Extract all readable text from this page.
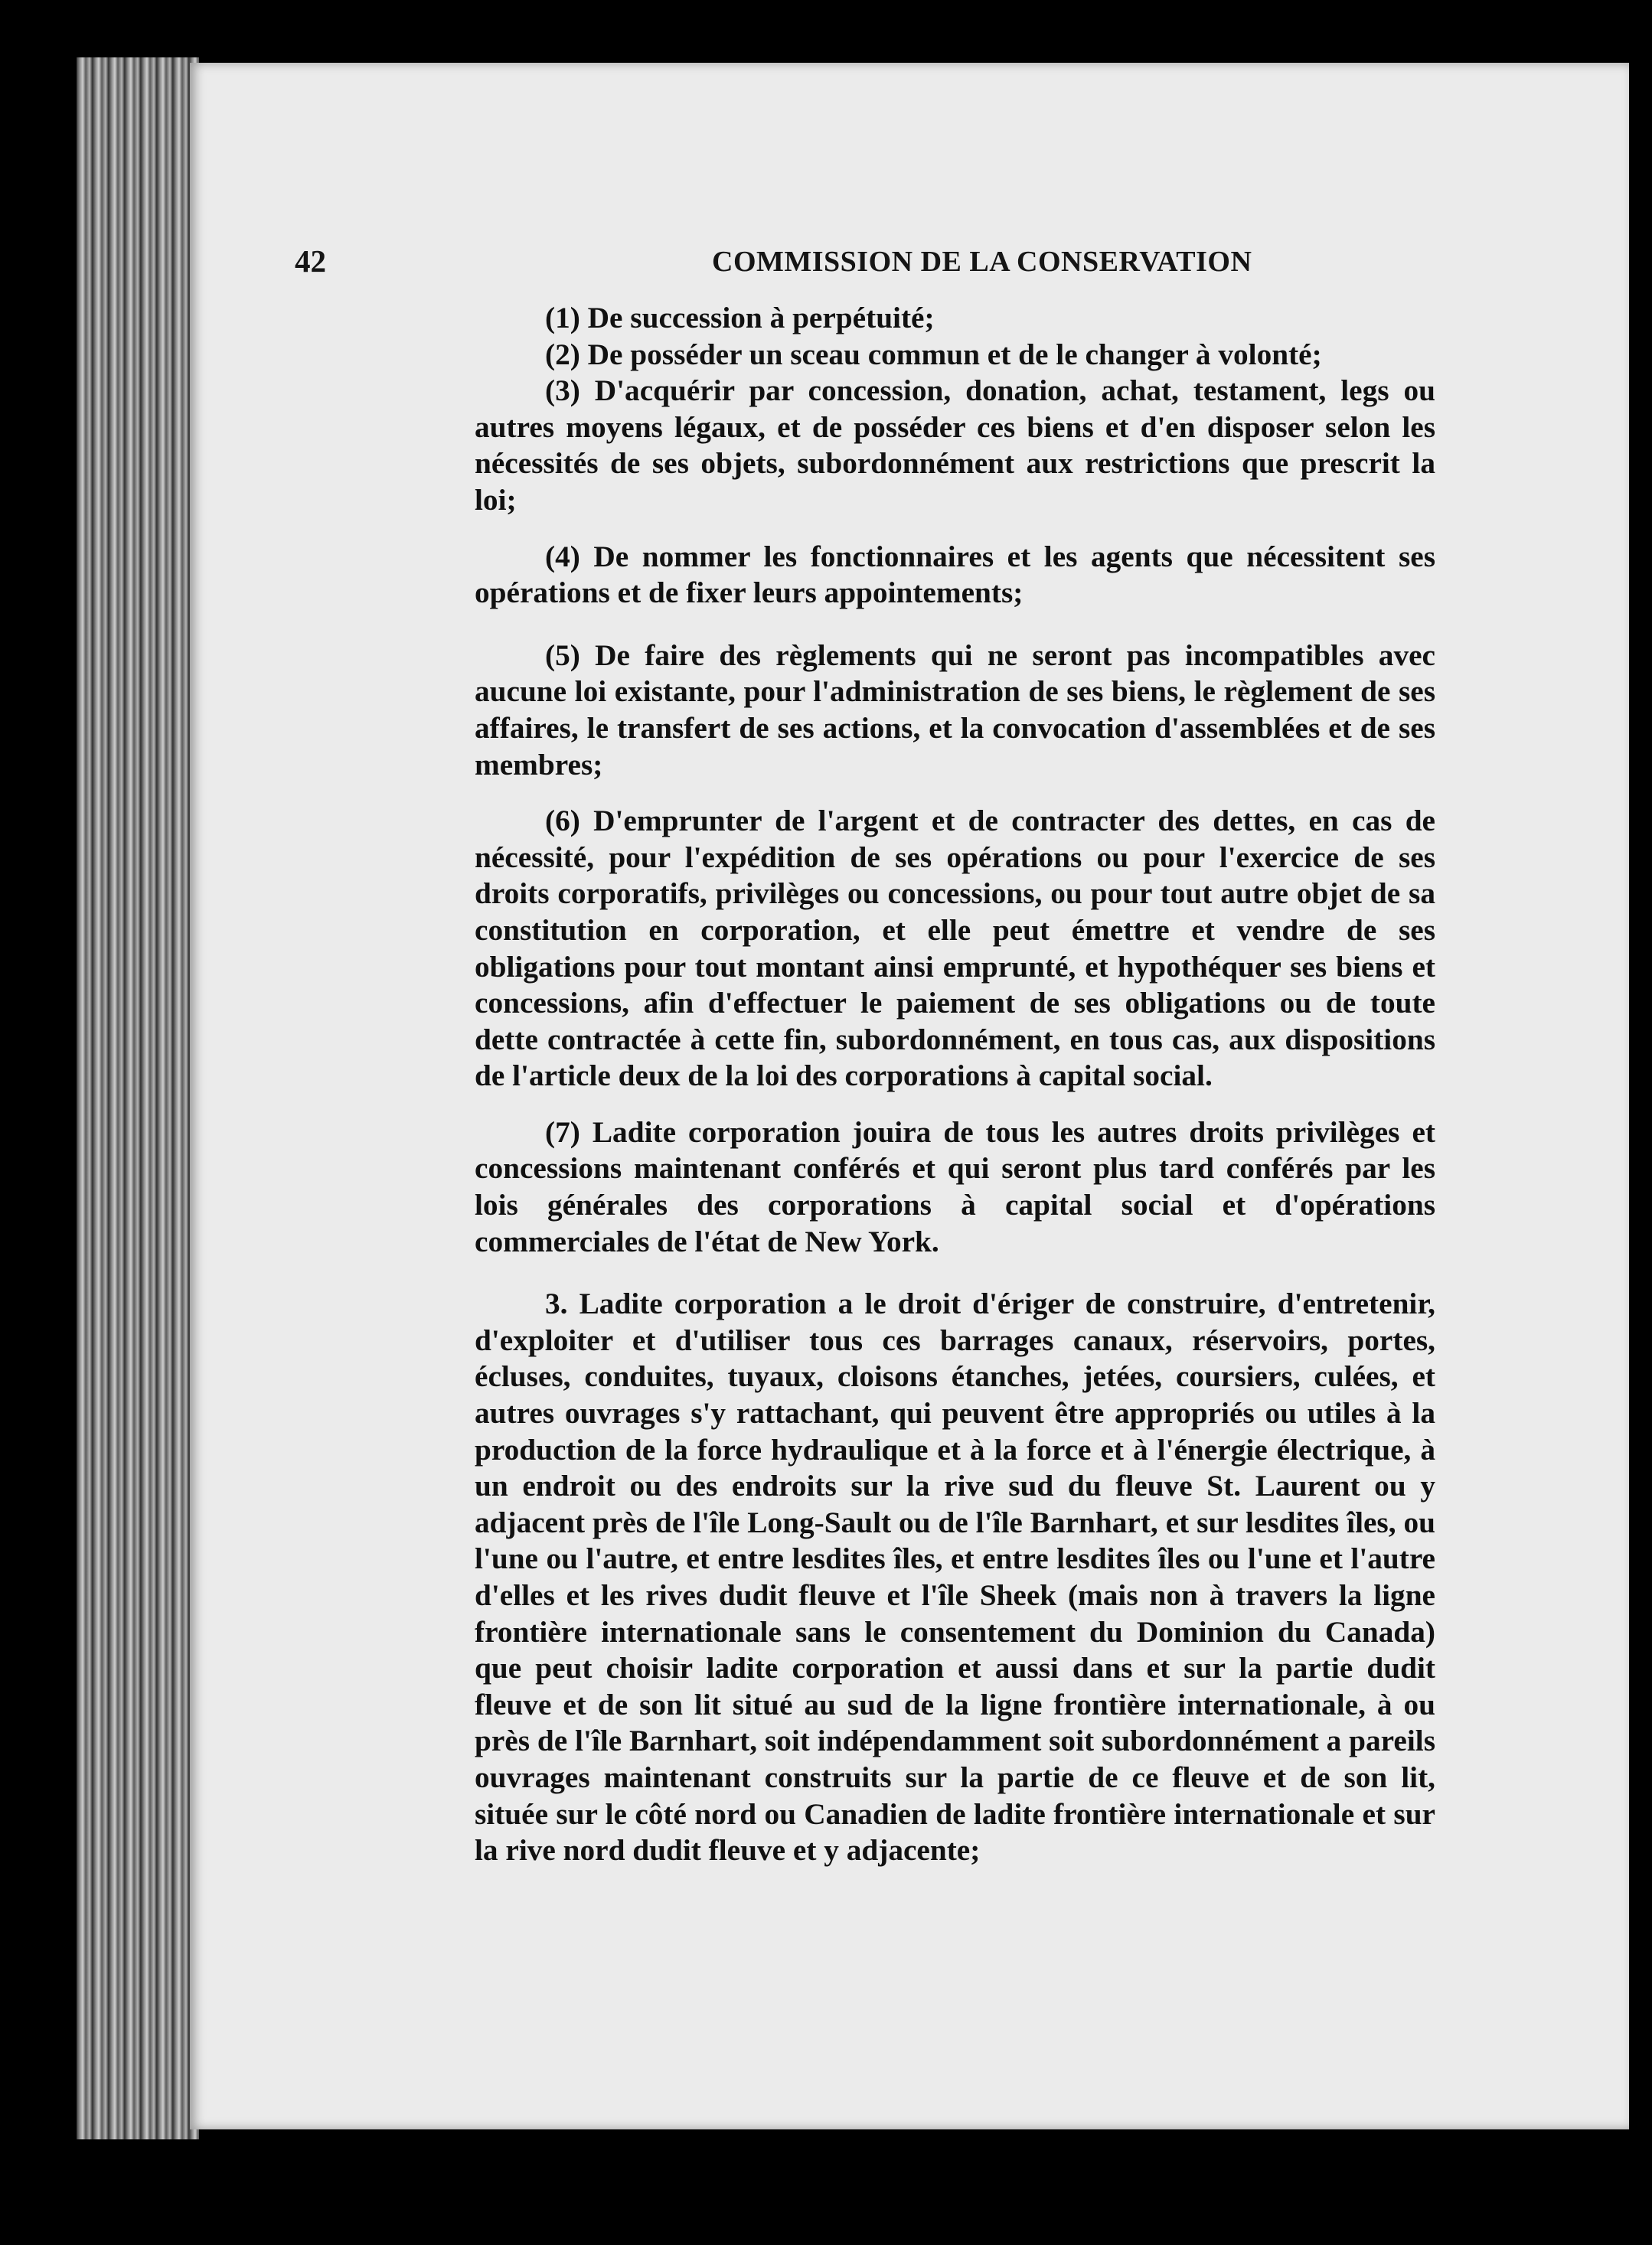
42	COMMISSION DE LA CONSERVATION

(1) De succession à perpétuité;

(2) De posséder un sceau commun et de le changer à volonté;

(3) D'acquérir par concession, donation, achat, testament, legs ou autres moyens légaux, et de posséder ces biens et d'en disposer selon les nécessités de ses objets, subordonnément aux restrictions que prescrit la loi;

(4) De nommer les fonctionnaires et les agents que nécessitent ses opérations et de fixer leurs appointements;

(5) De faire des règlements qui ne seront pas incompatibles avec aucune loi existante, pour l'administration de ses biens, le règlement de ses affaires, le transfert de ses actions, et la convocation d'assemblées et de ses membres;

(6) D'emprunter de l'argent et de contracter des dettes, en cas de nécessité, pour l'expédition de ses opérations ou pour l'exercice de ses droits corporatifs, privilèges ou concessions, ou pour tout autre objet de sa constitution en corporation, et elle peut émettre et vendre de ses obligations pour tout montant ainsi emprunté, et hypothéquer ses biens et concessions, afin d'effectuer le paiement de ses obligations ou de toute dette contractée à cette fin, subordonnément, en tous cas, aux dispositions de l'article deux de la loi des corporations à capital social.

(7) Ladite corporation jouira de tous les autres droits privilèges et concessions maintenant conférés et qui seront plus tard conférés par les lois générales des corporations à capital social et d'opérations commerciales de l'état de New York.

3. Ladite corporation a le droit d'ériger de construire, d'entretenir, d'exploiter et d'utiliser tous ces barrages canaux, réservoirs, portes, écluses, conduites, tuyaux, cloisons étanches, jetées, coursiers, culées, et autres ouvrages s'y rattachant, qui peuvent être appropriés ou utiles à la production de la force hydraulique et à la force et à l'énergie électrique, à un endroit ou des endroits sur la rive sud du fleuve St. Laurent ou y adjacent près de l'île Long-Sault ou de l'île Barnhart, et sur lesdites îles, ou l'une ou l'autre, et entre lesdites îles, et entre lesdites îles ou l'une et l'autre d'elles et les rives dudit fleuve et l'île Sheek (mais non à travers la ligne frontière internationale sans le consentement du Dominion du Canada) que peut choisir ladite corporation et aussi dans et sur la partie dudit fleuve et de son lit situé au sud de la ligne frontière internationale, à ou près de l'île Barnhart, soit indépendamment soit subordonnément a pareils ouvrages maintenant construits sur la partie de ce fleuve et de son lit, située sur le côté nord ou Canadien de ladite frontière internationale et sur la rive nord dudit fleuve et y adjacente;
